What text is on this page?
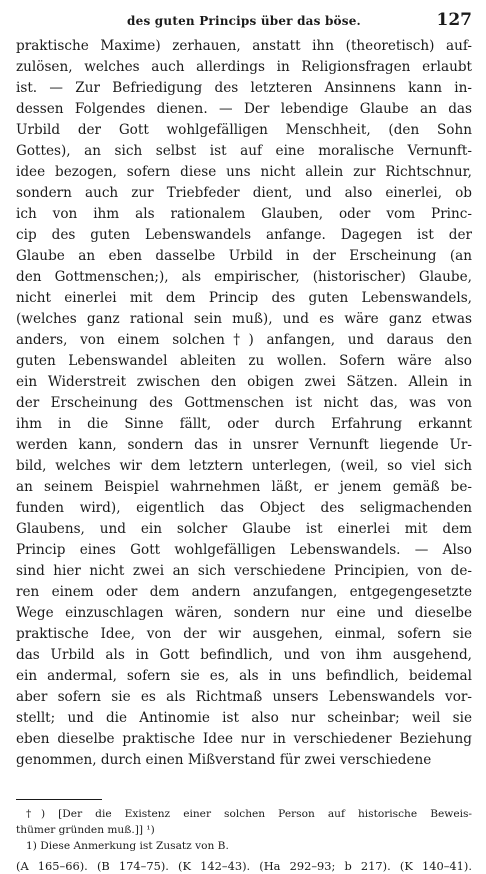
des guten Princips über das böse.	127
praktische Maxime) zerhauen, anstatt ihn (theoretisch) auf-
zulösen, welches auch allerdings in Religionsfragen erlaubt
ist. — Zur Befriedigung des letzteren Ansinnens kann in-
dessen Folgendes dienen. — Der lebendige Glaube an das
Urbild der Gott wohlgefälligen Menschheit, (den Sohn
Gottes), an sich selbst ist auf eine moralische Vernunft-
idee bezogen, sofern diese uns nicht allein zur Richtschnur,
sondern auch zur Triebfeder dient, und also einerlei, ob
ich von ihm als rationalem Glauben, oder vom Princ-
cip des guten Lebenswandels anfange. Dagegen ist der
Glaube an eben dasselbe Urbild in der Erscheinung (an
den Gottmenschen;), als empirischer, (historischer) Glaube,
nicht einerlei mit dem Princip des guten Lebenswandels,
(welches ganz rational sein muß), und es wäre ganz etwas
anders, von einem solchen†) anfangen, und daraus den
guten Lebenswandel ableiten zu wollen. Sofern wäre also
ein Widerstreit zwischen den obigen zwei Sätzen. Allein in
der Erscheinung des Gottmenschen ist nicht das, was von
ihm in die Sinne fällt, oder durch Erfahrung erkannt
werden kann, sondern das in unsrer Vernunft liegende Ur-
bild, welches wir dem letztern unterlegen, (weil, so viel sich
an seinem Beispiel wahrnehmen läßt, er jenem gemäß be-
funden wird), eigentlich das Object des seligmachenden
Glaubens, und ein solcher Glaube ist einerlei mit dem
Princip eines Gott wohlgefälligen Lebenswandels. — Also
sind hier nicht zwei an sich verschiedene Principien, von de-
ren einem oder dem andern anzufangen, entgegengesetzte
Wege einzuschlagen wären, sondern nur eine und dieselbe
praktische Idee, von der wir ausgehen, einmal, sofern sie
das Urbild als in Gott befindlich, und von ihm ausgehend,
ein andermal, sofern sie es, als in uns befindlich, beidemal
aber sofern sie es als Richtmaß unsers Lebenswandels vor-
stellt; und die Antinomie ist also nur scheinbar; weil sie
eben dieselbe praktische Idee nur in verschiedener Beziehung
genommen, durch einen Mißverstand für zwei verschiedene
†) [Der die Existenz einer solchen Person auf historische Beweis-
thümer gründen muß.]] ¹)
1) Diese Anmerkung ist Zusatz von B.
(A 165–66). (B 174–75). (K 142–43). (Ha 292–93; b 217). (K 140–41).
